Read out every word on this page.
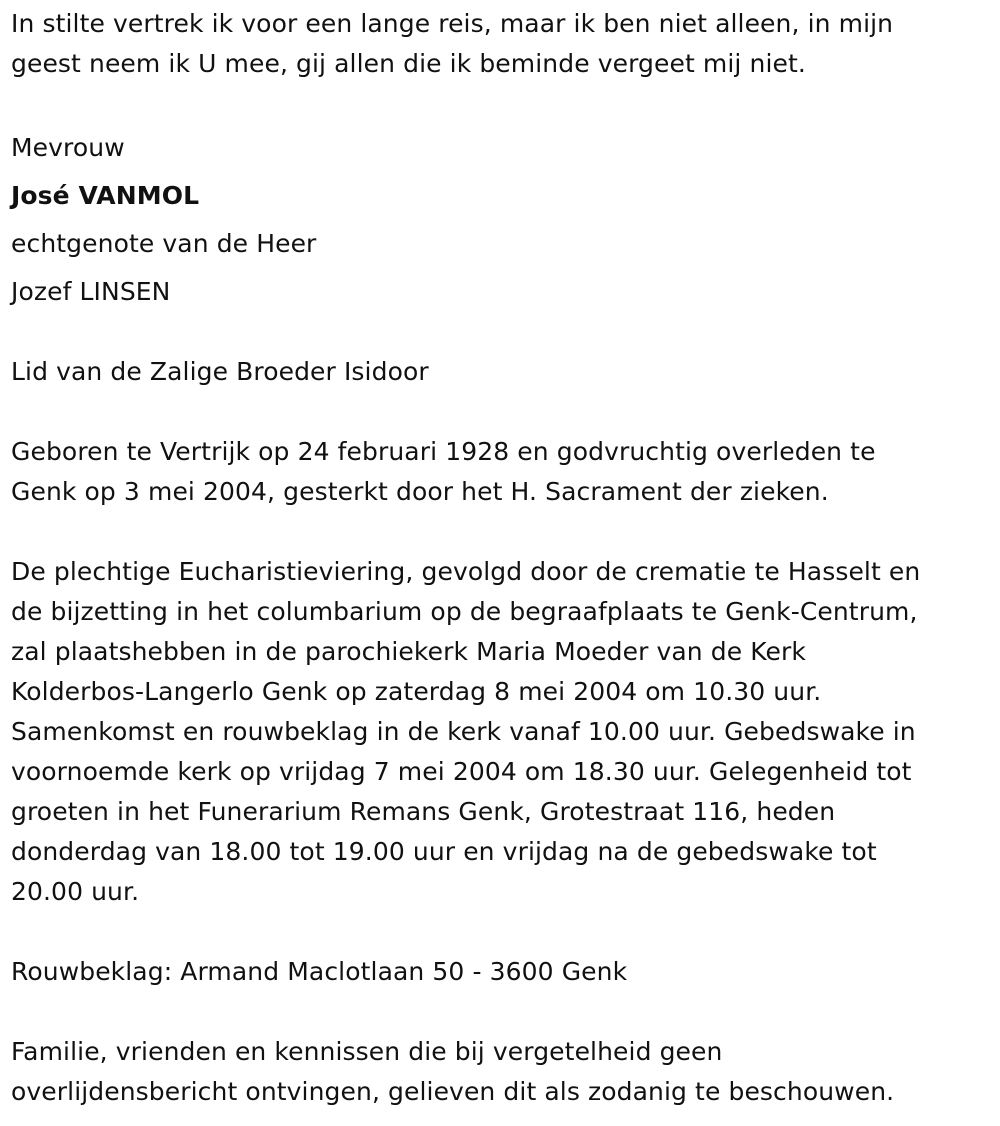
In stilte vertrek ik voor een lange reis, maar ik ben niet alleen, in mijn
geest neem ik U mee, gij allen die ik beminde vergeet mij niet.

Mevrouw
José VANMOL
echtgenote van de Heer
Jozef LINSEN

Lid van de Zalige Broeder Isidoor

Geboren te Vertrijk op 24 februari 1928 en godvruchtig overleden te
Genk op 3 mei 2004, gesterkt door het H. Sacrament der zieken.

De plechtige Eucharistieviering, gevolgd door de crematie te Hasselt en
de bijzetting in het columbarium op de begraafplaats te Genk-Centrum,
zal plaatshebben in de parochiekerk Maria Moeder van de Kerk
Kolderbos-Langerlo Genk op zaterdag 8 mei 2004 om 10.30 uur.
Samenkomst en rouwbeklag in de kerk vanaf 10.00 uur. Gebedswake in
voornoemde kerk op vrijdag 7 mei 2004 om 18.30 uur. Gelegenheid tot
groeten in het Funerarium Remans Genk, Grotestraat 116, heden
donderdag van 18.00 tot 19.00 uur en vrijdag na de gebedswake tot
20.00 uur.

Rouwbeklag: Armand Maclotlaan 50 - 3600 Genk

Familie, vrienden en kennissen die bij vergetelheid geen
overlijdensbericht ontvingen, gelieven dit als zodanig te beschouwen.
